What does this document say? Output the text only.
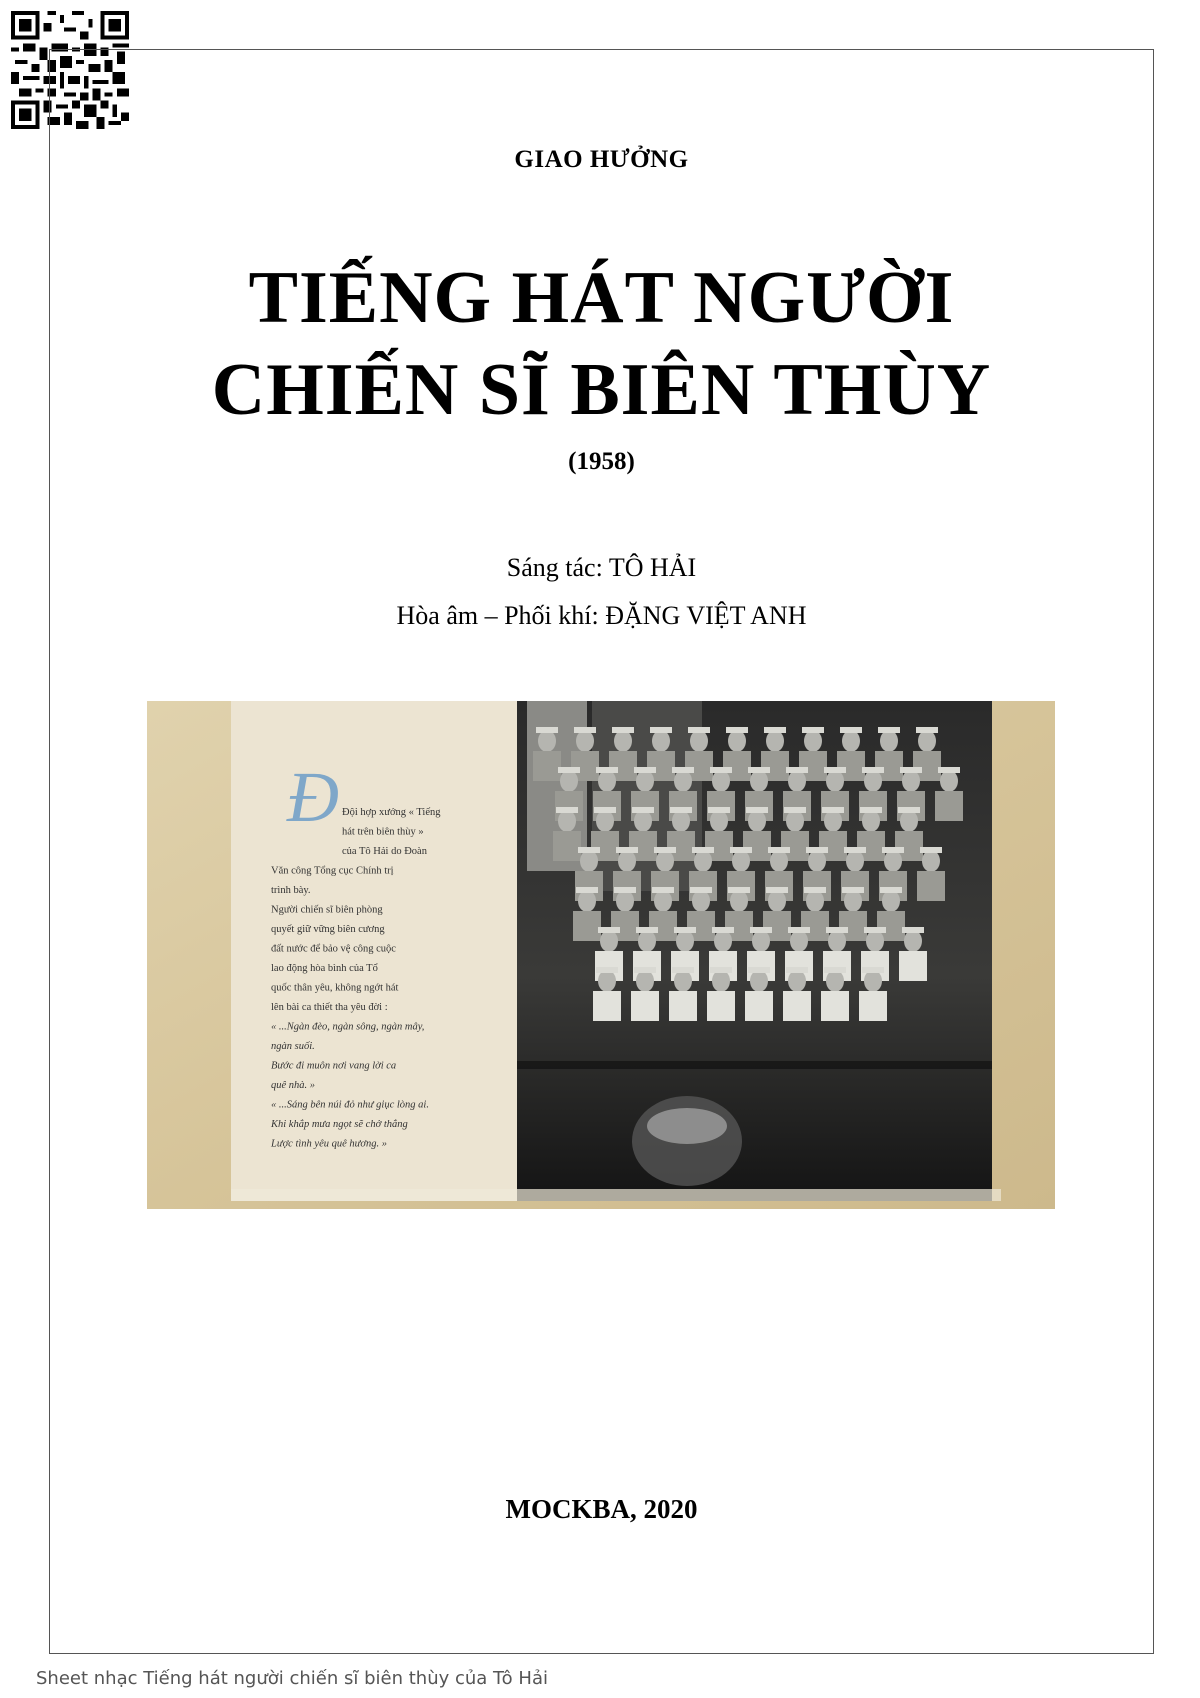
GIAO HƯỞNG
TIẾNG HÁT NGƯỜI
CHIẾN SĨ BIÊN THÙY
(1958)
Sáng tác: TÔ HẢI
Hòa âm – Phối khí: ĐẶNG VIỆT ANH
Đ Đội hợp xướng « Tiếng
hát trên biên thùy »
của Tô Hải do Đoàn
Văn công Tổng cục Chính trị
trình bày.
Người chiến sĩ biên phòng
quyết giữ vững biên cương
đất nước để bảo vệ công cuộc
lao động hòa bình của Tổ
quốc thân yêu, không ngớt hát
lên bài ca thiết tha yêu đời :
« ...Ngàn đèo, ngàn sông, ngàn mây,
ngàn suối.
Bước đi muôn nơi vang lời ca
quê nhà. »
« ...Sáng bên núi đỏ như giục lòng ai.
Khi khắp mưa ngọt sẽ chở thắng
Lược tình yêu quê hương. »
MOCKBA, 2020
Sheet nhạc Tiếng hát người chiến sĩ biên thùy của Tô Hải
